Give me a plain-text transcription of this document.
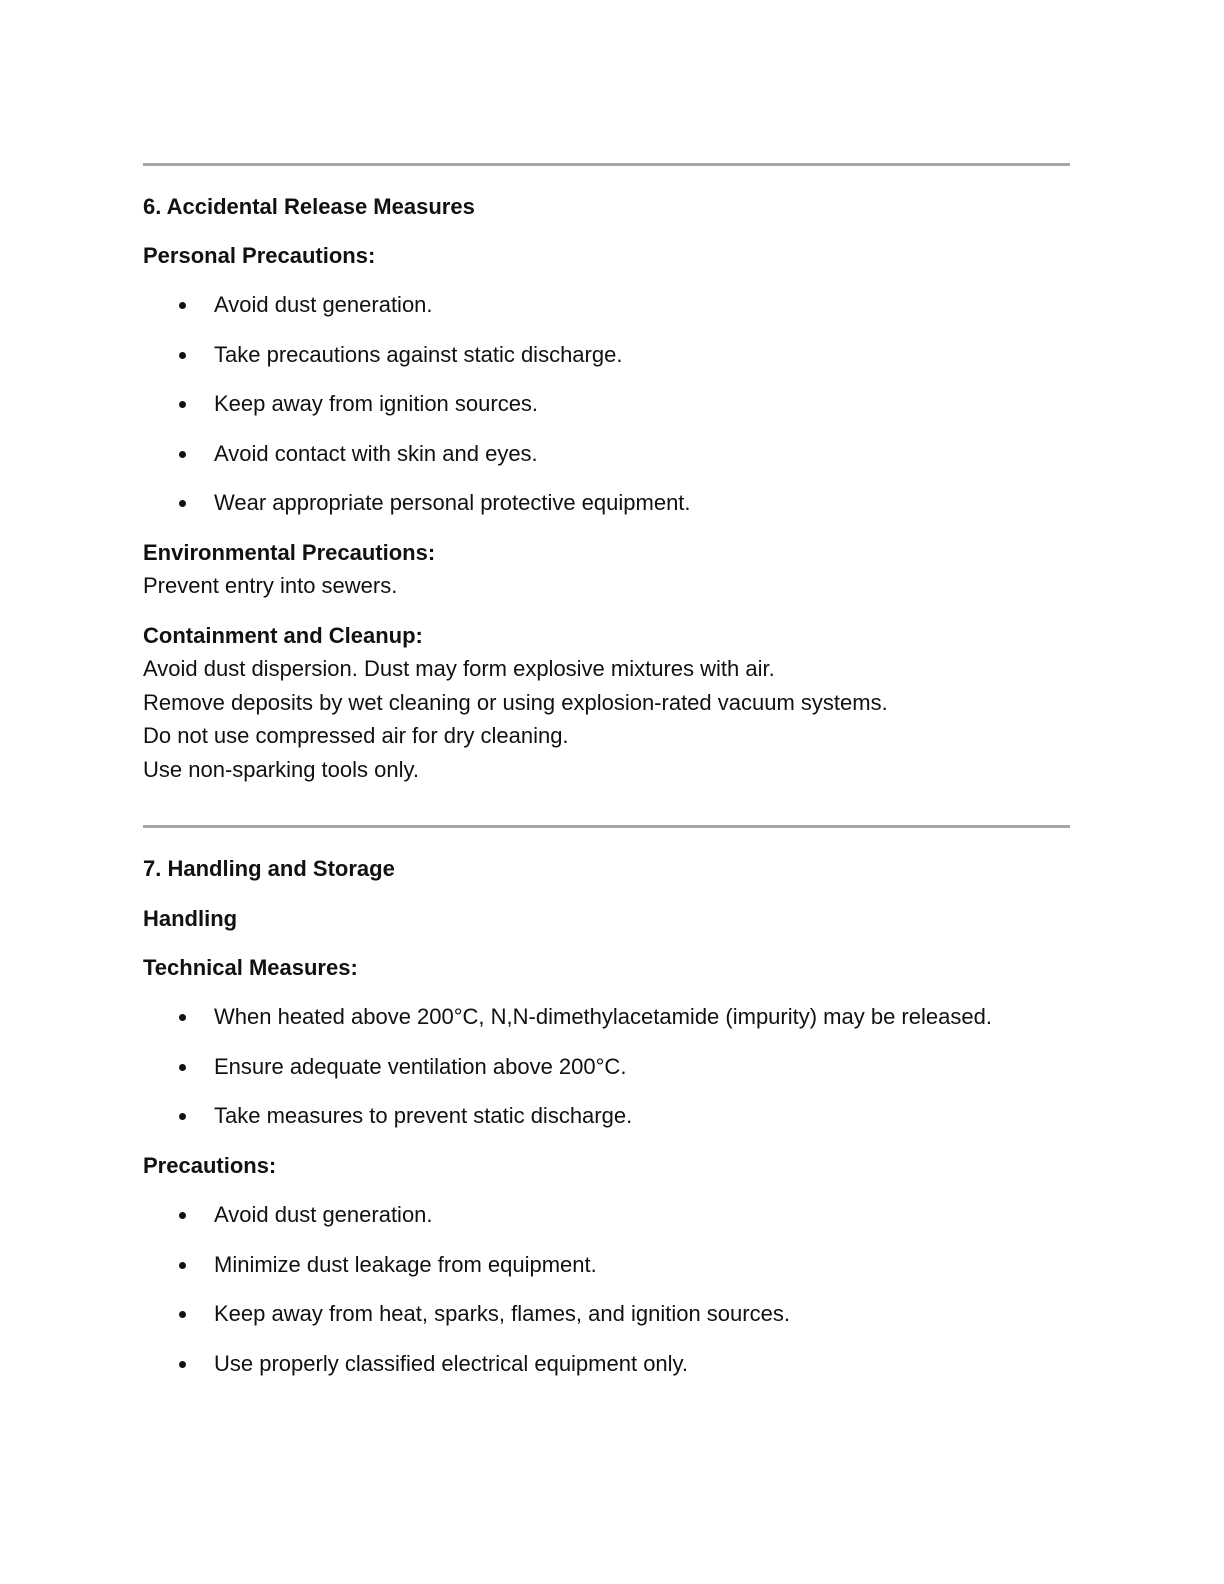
6. Accidental Release Measures
Personal Precautions:
Avoid dust generation.
Take precautions against static discharge.
Keep away from ignition sources.
Avoid contact with skin and eyes.
Wear appropriate personal protective equipment.
Environmental Precautions:
Prevent entry into sewers.
Containment and Cleanup:
Avoid dust dispersion. Dust may form explosive mixtures with air.
Remove deposits by wet cleaning or using explosion-rated vacuum systems.
Do not use compressed air for dry cleaning.
Use non-sparking tools only.
7. Handling and Storage
Handling
Technical Measures:
When heated above 200°C, N,N-dimethylacetamide (impurity) may be released.
Ensure adequate ventilation above 200°C.
Take measures to prevent static discharge.
Precautions:
Avoid dust generation.
Minimize dust leakage from equipment.
Keep away from heat, sparks, flames, and ignition sources.
Use properly classified electrical equipment only.
